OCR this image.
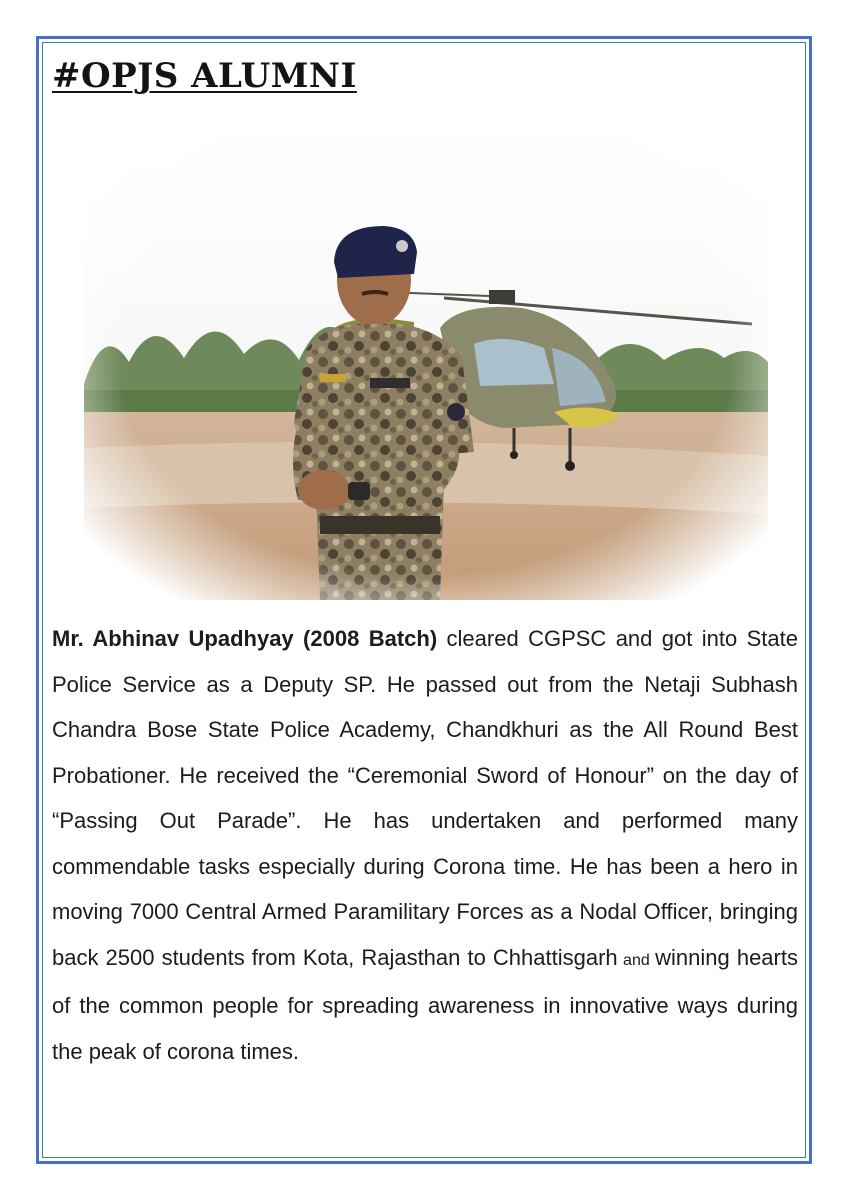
#OPJS ALUMNI

Mr. Abhinav Upadhyay (2008 Batch) cleared CGPSC and got into State Police Service as a Deputy SP. He passed out from the Netaji Subhash Chandra Bose State Police Academy, Chandkhuri as the All Round Best Probationer. He received the “Ceremonial Sword of Honour” on the day of “Passing Out Parade”. He has undertaken and performed many commendable tasks especially during Corona time. He has been a hero in moving 7000 Central Armed Paramilitary Forces as a Nodal Officer, bringing back 2500 students from Kota, Rajasthan to Chhattisgarh and winning hearts of the common people for spreading awareness in innovative ways during the peak of corona times.
